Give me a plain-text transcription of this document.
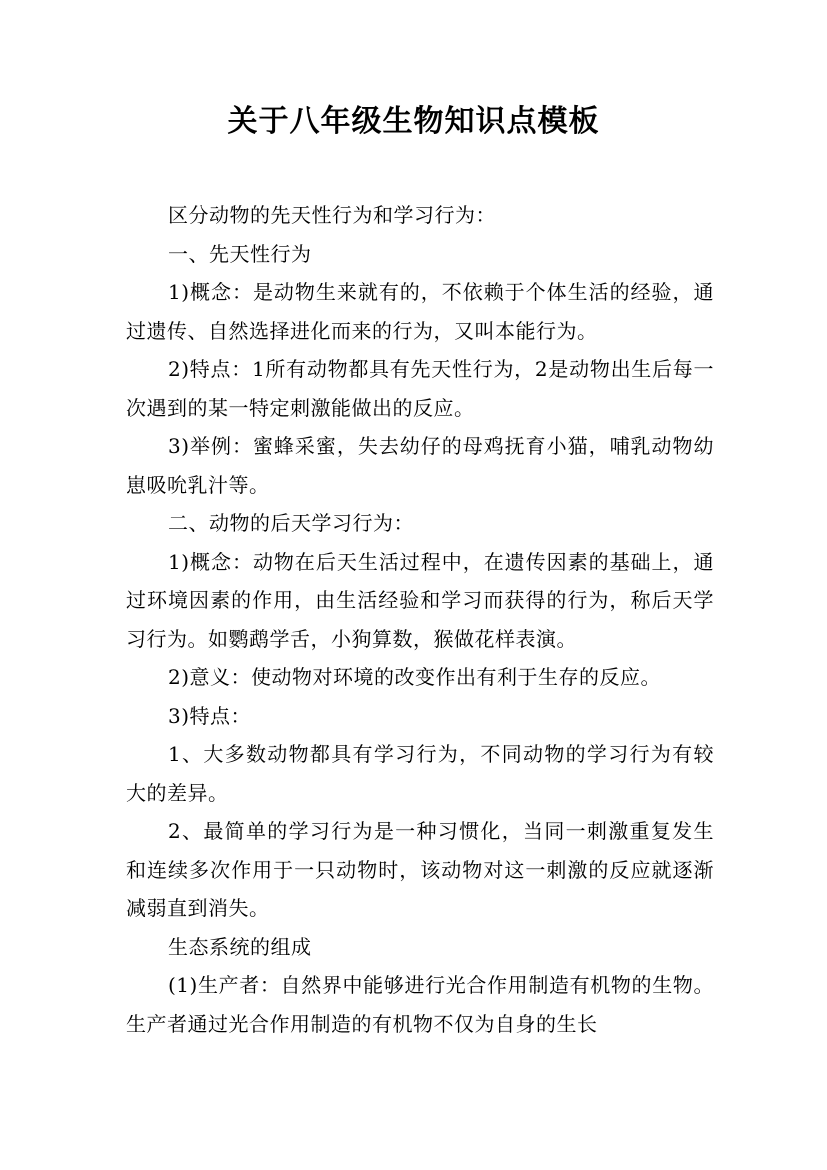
关于八年级生物知识点模板

区分动物的先天性行为和学习行为：

一、先天性行为

1)概念：是动物生来就有的，不依赖于个体生活的经验，通过遗传、自然选择进化而来的行为，又叫本能行为。

2)特点：1所有动物都具有先天性行为，2是动物出生后每一次遇到的某一特定刺激能做出的反应。

3)举例：蜜蜂采蜜，失去幼仔的母鸡抚育小猫，哺乳动物幼崽吸吮乳汁等。

二、动物的后天学习行为：

1)概念：动物在后天生活过程中，在遗传因素的基础上，通过环境因素的作用，由生活经验和学习而获得的行为，称后天学习行为。如鹦鹉学舌，小狗算数，猴做花样表演。

2)意义：使动物对环境的改变作出有利于生存的反应。

3)特点：

1、大多数动物都具有学习行为，不同动物的学习行为有较大的差异。

2、最简单的学习行为是一种习惯化，当同一刺激重复发生和连续多次作用于一只动物时，该动物对这一刺激的反应就逐渐减弱直到消失。

生态系统的组成

(1)生产者：自然界中能够进行光合作用制造有机物的生物。生产者通过光合作用制造的有机物不仅为自身的生长
